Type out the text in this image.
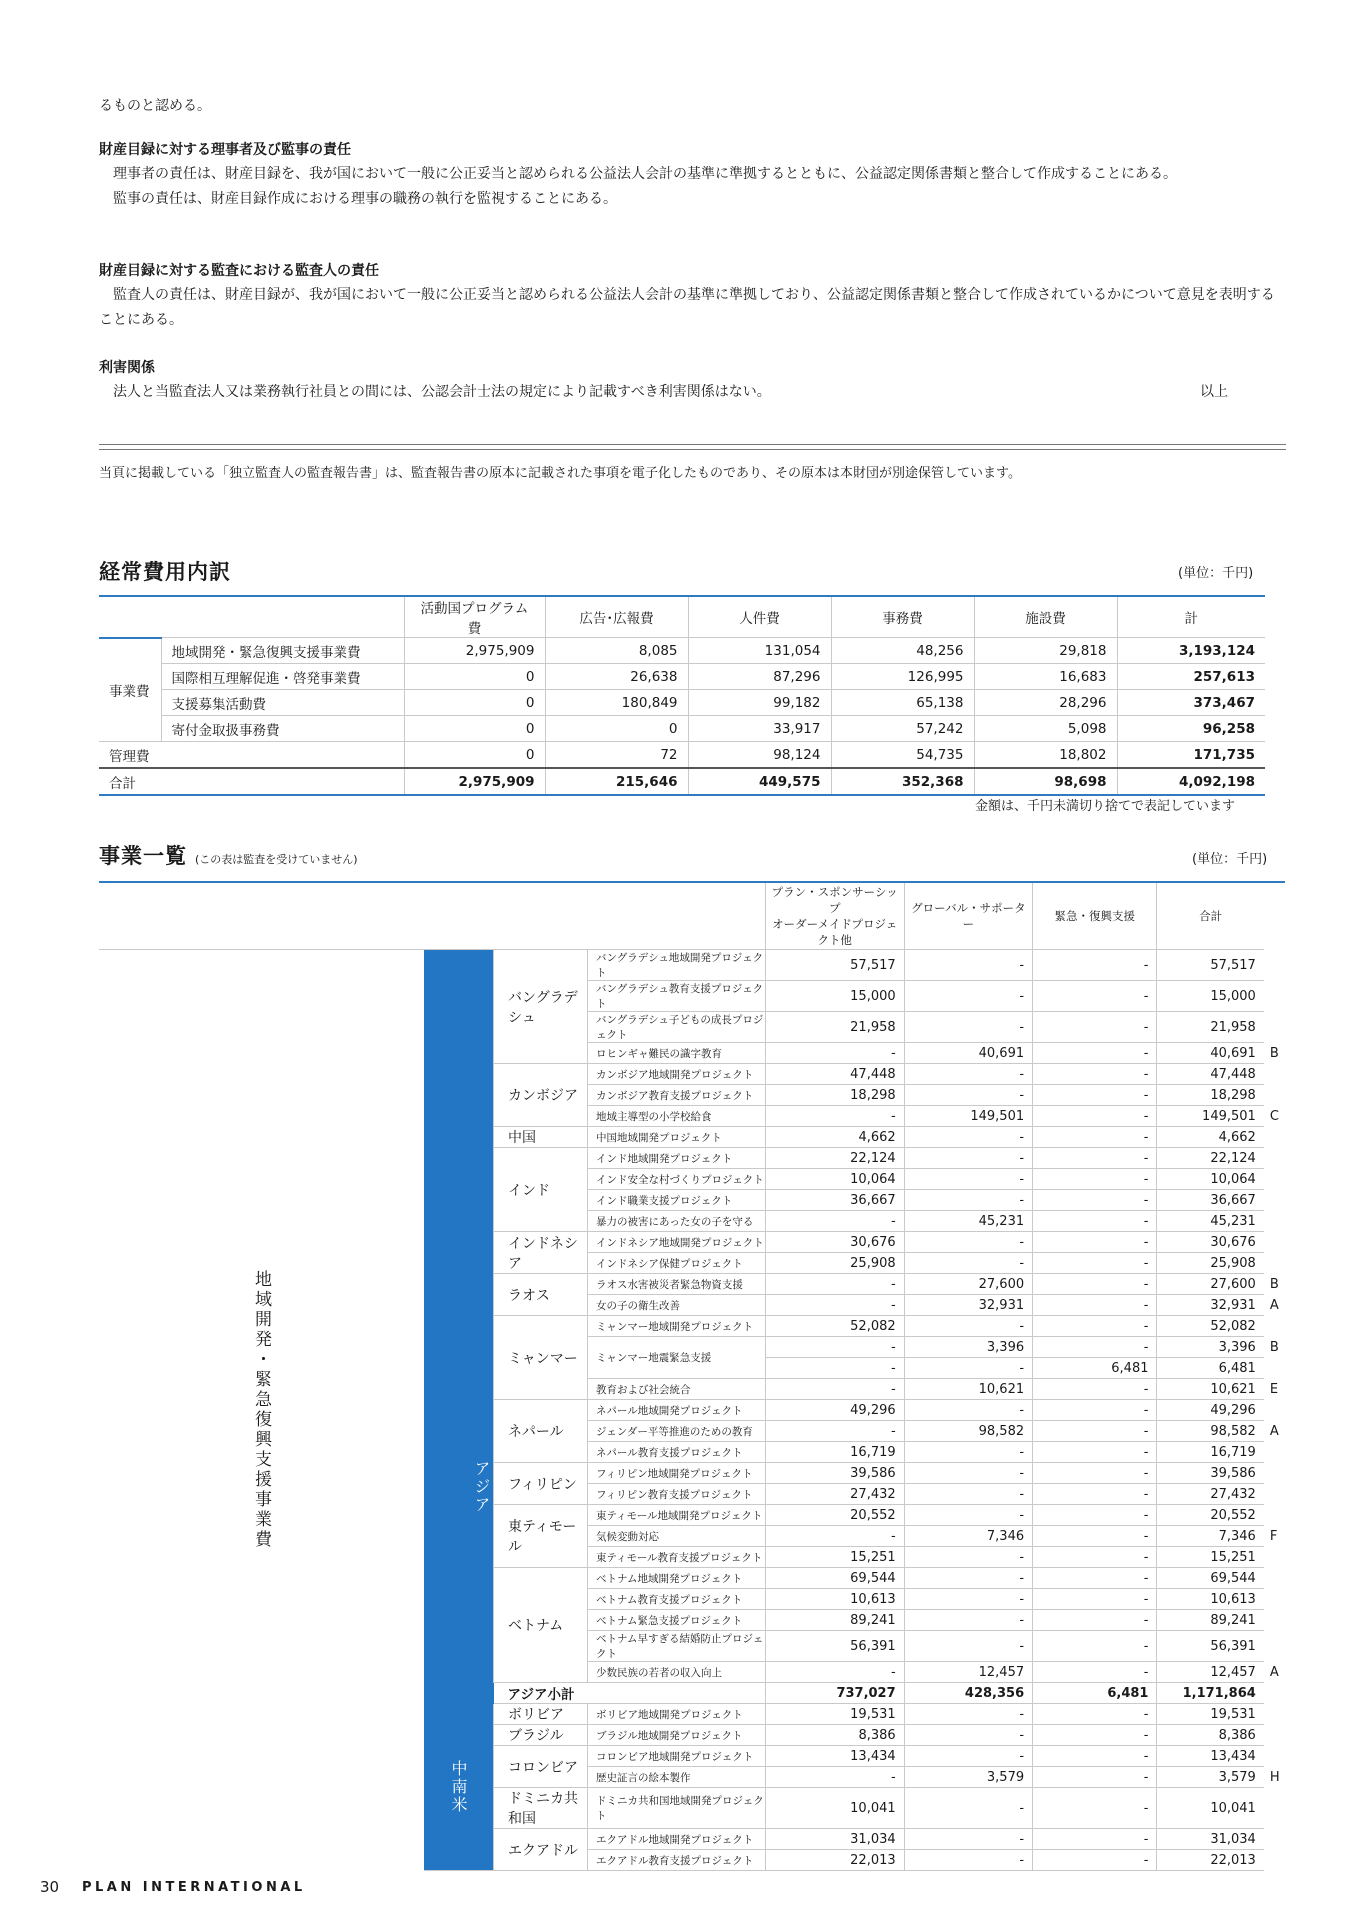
るものと認める。

財産目録に対する理事者及び監事の責任

理事者の責任は、財産目録を、我が国において一般に公正妥当と認められる公益法人会計の基準に準拠するとともに、公益認定関係書類と整合して作成することにある。

監事の責任は、財産目録作成における理事の職務の執行を監視することにある。

財産目録に対する監査における監査人の責任

監査人の責任は、財産目録が、我が国において一般に公正妥当と認められる公益法人会計の基準に準拠しており、公益認定関係書類と整合して作成されているかについて意見を表明することにある。

利害関係

法人と当監査法人又は業務執行社員との間には、公認会計士法の規定により記載すべき利害関係はない。	以上

当頁に掲載している「独立監査人の監査報告書」は、監査報告書の原本に記載された事項を電子化したものであり、その原本は本財団が別途保管しています。

経常費用内訳	(単位：千円)
		活動国プログラム費	広告･広報費	人件費	事務費	施設費	計
事業費	地域開発・緊急復興支援事業費	2,975,909	8,085	131,054	48,256	29,818	3,193,124
	国際相互理解促進・啓発事業費	0	26,638	87,296	126,995	16,683	257,613
	支援募集活動費	0	180,849	99,182	65,138	28,296	373,467
	寄付金取扱事務費	0	0	33,917	57,242	5,098	96,258
管理費		0	72	98,124	54,735	18,802	171,735
合計		2,975,909	215,646	449,575	352,368	98,698	4,092,198
金額は、千円未満切り捨てで表記しています
事業一覧 (この表は監査を受けていません)	(単位：千円)
				プラン・スポンサーシップ
オーダーメイドプロジェクト他	グローバル・サポーター	緊急・復興支援	合計	
地域開発・緊急復興支援事業費	アジア	バングラデシュ	バングラデシュ地域開発プロジェクト	57,517	-	-	57,517	
			バングラデシュ教育支援プロジェクト	15,000	-	-	15,000	
			バングラデシュ子どもの成長プロジェクト	21,958	-	-	21,958	
			ロヒンギャ難民の識字教育	-	40,691	-	40,691	B
		カンボジア	カンボジア地域開発プロジェクト	47,448	-	-	47,448	
			カンボジア教育支援プロジェクト	18,298	-	-	18,298	
			地域主導型の小学校給食	-	149,501	-	149,501	C
		中国	中国地域開発プロジェクト	4,662	-	-	4,662	
		インド	インド地域開発プロジェクト	22,124	-	-	22,124	
			インド安全な村づくりプロジェクト	10,064	-	-	10,064	
			インド職業支援プロジェクト	36,667	-	-	36,667	
			暴力の被害にあった女の子を守る	-	45,231	-	45,231	
		インドネシア	インドネシア地域開発プロジェクト	30,676	-	-	30,676	
			インドネシア保健プロジェクト	25,908	-	-	25,908	
		ラオス	ラオス水害被災者緊急物資支援	-	27,600	-	27,600	B
			女の子の衛生改善	-	32,931	-	32,931	A
		ミャンマー	ミャンマー地域開発プロジェクト	52,082	-	-	52,082	
			ミャンマー地震緊急支援	-	3,396	-	3,396	B
				-	-	6,481	6,481	
			教育および社会統合	-	10,621	-	10,621	E
		ネパール	ネパール地域開発プロジェクト	49,296	-	-	49,296	
			ジェンダー平等推進のための教育	-	98,582	-	98,582	A
			ネパール教育支援プロジェクト	16,719	-	-	16,719	
		フィリピン	フィリピン地域開発プロジェクト	39,586	-	-	39,586	
			フィリピン教育支援プロジェクト	27,432	-	-	27,432	
		東ティモール	東ティモール地域開発プロジェクト	20,552	-	-	20,552	
			気候変動対応	-	7,346	-	7,346	F
			東ティモール教育支援プロジェクト	15,251	-	-	15,251	
		ベトナム	ベトナム地域開発プロジェクト	69,544	-	-	69,544	
			ベトナム教育支援プロジェクト	10,613	-	-	10,613	
			ベトナム緊急支援プロジェクト	89,241	-	-	89,241	
			ベトナム早すぎる結婚防止プロジェクト	56,391	-	-	56,391	
			少数民族の若者の収入向上	-	12,457	-	12,457	A
		アジア小計		737,027	428,356	6,481	1,171,864	
	中南米	ボリビア	ボリビア地域開発プロジェクト	19,531	-	-	19,531	
		ブラジル	ブラジル地域開発プロジェクト	8,386	-	-	8,386	
		コロンビア	コロンビア地域開発プロジェクト	13,434	-	-	13,434	
			歴史証言の絵本製作	-	3,579	-	3,579	H
		ドミニカ共和国	ドミニカ共和国地域開発プロジェクト	10,041	-	-	10,041	
		エクアドル	エクアドル地域開発プロジェクト	31,034	-	-	31,034	
			エクアドル教育支援プロジェクト	22,013	-	-	22,013	
30 PLAN INTERNATIONAL
